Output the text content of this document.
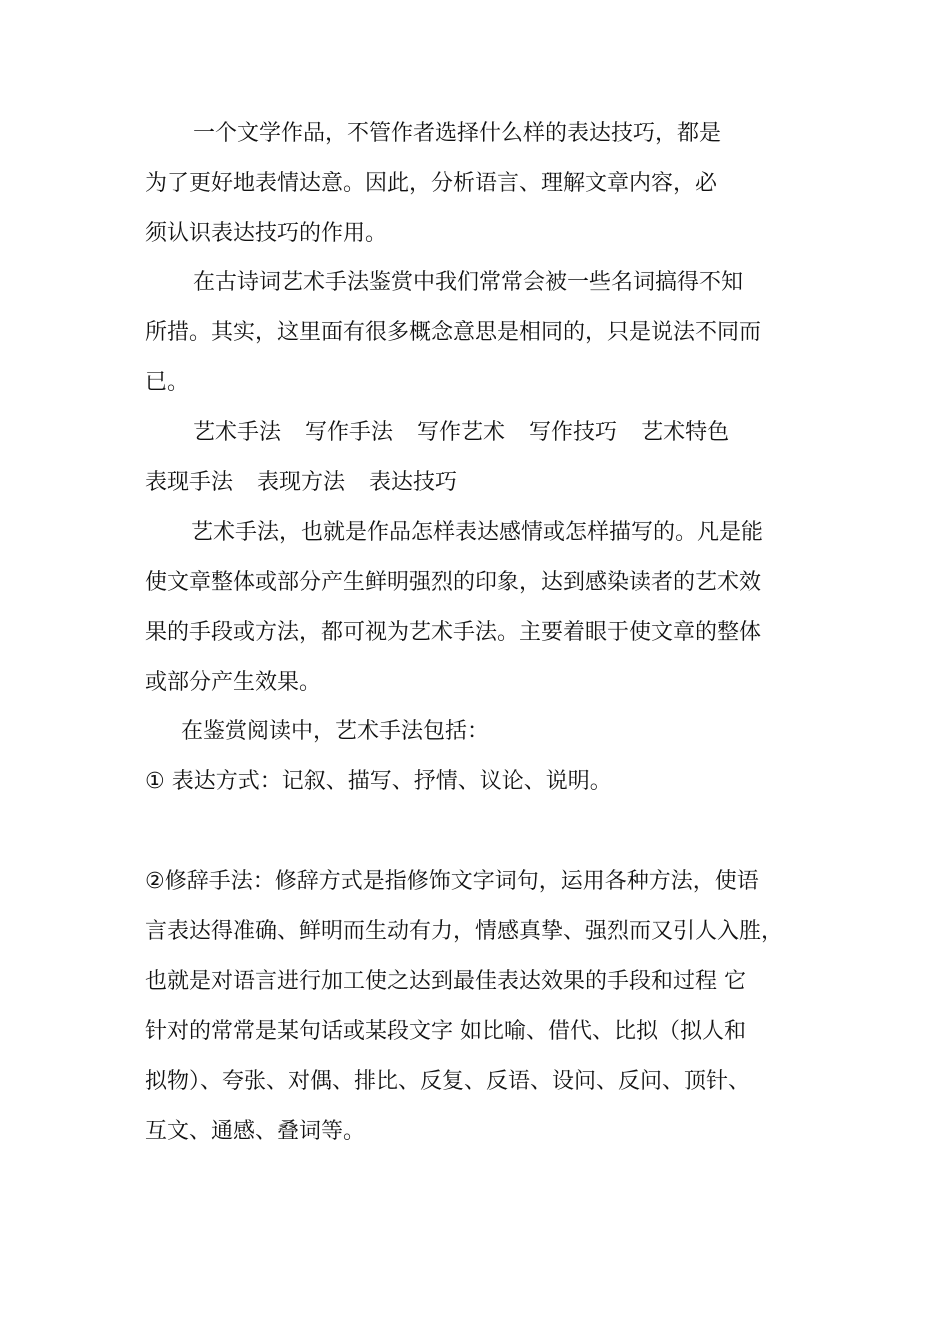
一个文学作品，不管作者选择什么样的表达技巧，都是
为了更好地表情达意。因此，分析语言、理解文章内容，必
须认识表达技巧的作用。
在古诗词艺术手法鉴赏中我们常常会被一些名词搞得不知
所措。其实，这里面有很多概念意思是相同的，只是说法不同而
已。
艺术手法 写作手法 写作艺术 写作技巧 艺术特色
表现手法 表现方法 表达技巧
艺术手法，也就是作品怎样表达感情或怎样描写的。凡是能
使文章整体或部分产生鲜明强烈的印象，达到感染读者的艺术效
果的手段或方法，都可视为艺术手法。主要着眼于使文章的整体
或部分产生效果。
在鉴赏阅读中，艺术手法包括：
① 表达方式：记叙、描写、抒情、议论、说明。
②修辞手法：修辞方式是指修饰文字词句，运用各种方法，使语
言表达得准确、鲜明而生动有力，情感真挚、强烈而又引人入胜，
也就是对语言进行加工使之达到最佳表达效果的手段和过程 它
针对的常常是某句话或某段文字 如比喻、借代、比拟（拟人和
拟物）、夸张、对偶、排比、反复、反语、设问、反问、顶针、
互文、通感、叠词等。
